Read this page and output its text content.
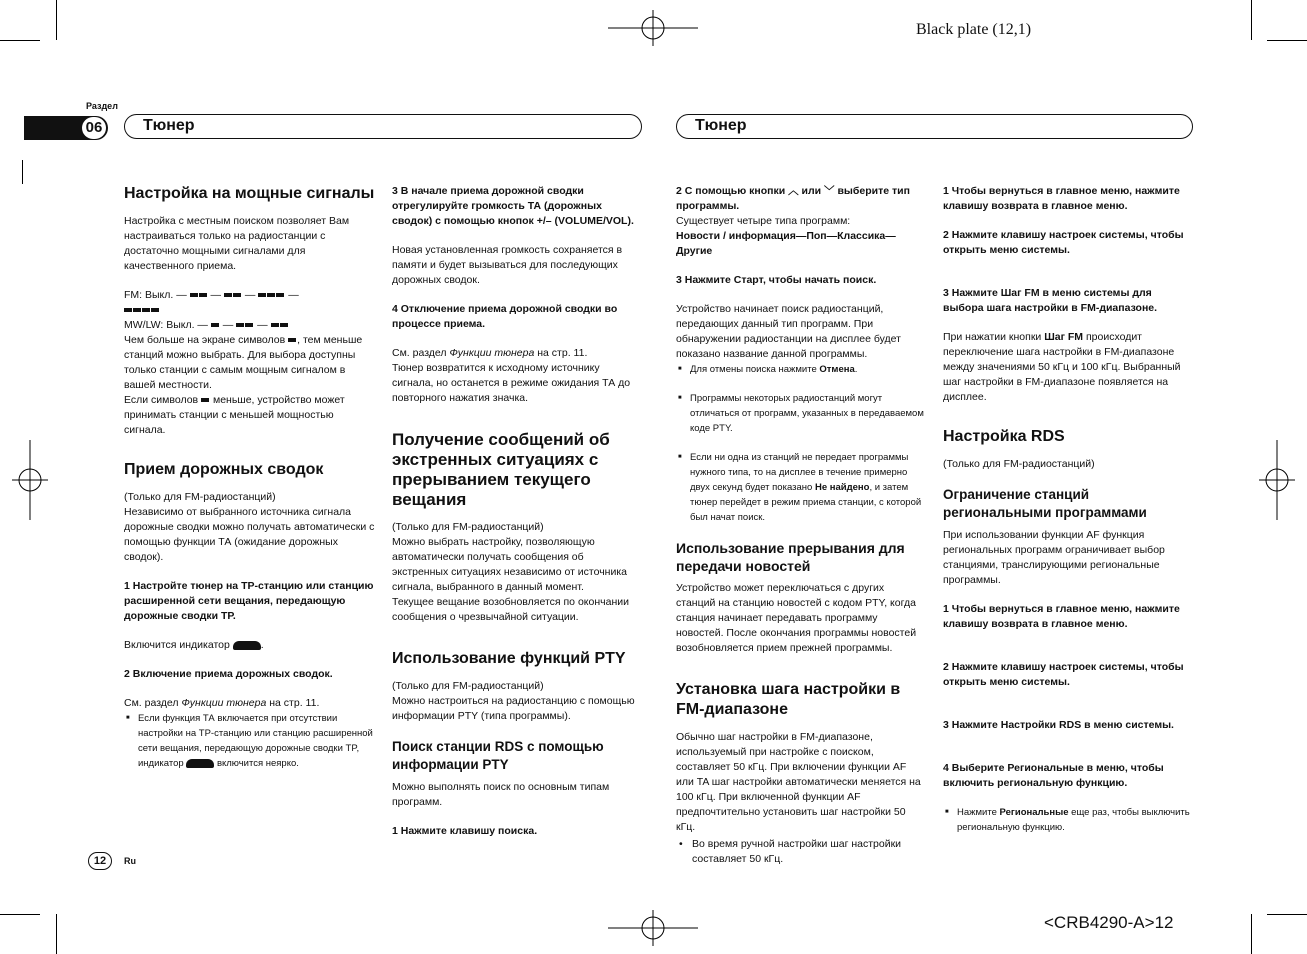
Black plate (12,1)
<CRB4290-A>12
Раздел
06	Тюнер	Тюнер
12	Ru
Настройка на мощные сигналы

Настройка с местным поиском позволяет Вам настраиваться только на радиостанции с достаточно мощными сигналами для качественного приема.

FM: Выкл. —  —  —	—

MW/LW: Выкл. —  —  —

Чем больше на экране символов , тем меньше станций можно выбрать. Для выбора доступны только станции с самым мощным сигналом в вашей местности.

Если символов меньше, устройство может принимать станции с меньшей мощностью сигнала.

Прием дорожных сводок

(Только для FM-радиостанций)

Независимо от выбранного источника сигнала дорожные сводки можно получать автоматически с помощью функции ТА (ожидание дорожных сводок).

1 Настройте тюнер на TP-станцию или станцию расширенной сети вещания, передающую дорожные сводки ТР.

Включится индикатор	.

2 Включение приема дорожных сводок.

См. раздел Функции тюнера на стр. 11.

■ Если функция ТА включается при отсутствии настройки на TP-станцию или станцию расширенной сети вещания, передающую дорожные сводки TP, индикатор	включится неярко.

3 В начале приема дорожной сводки отрегулируйте громкость ТА (дорожных сводок) с помощью кнопок +/– (VOLUME/VOL).

Новая установленная громкость сохраняется в памяти и будет вызываться для последующих дорожных сводок.

4 Отключение приема дорожной сводки во процессе приема.

См. раздел Функции тюнера на стр. 11.

Тюнер возвратится к исходному источнику сигнала, но останется в режиме ожидания ТА до повторного нажатия значка.

Получение сообщений об экстренных ситуациях с прерыванием текущего вещания

(Только для FM-радиостанций)

Можно выбрать настройку, позволяющую автоматически получать сообщения об экстренных ситуациях независимо от источника сигнала, выбранного в данный момент.

Текущее вещание возобновляется по окончании сообщения о чрезвычайной ситуации.

Использование функций PTY

(Только для FM-радиостанций)

Можно настроиться на радиостанцию с помощью информации PTY (типа программы).

Поиск станции RDS с помощью информации PTY

Можно выполнять поиск по основным типам программ.

1 Нажмите клавишу поиска.

2 С помощью кнопки ︿ или ﹀ выберите тип программы.

Существует четыре типа программ:

Новости / информация—Поп—Классика—Другие

3 Нажмите Старт, чтобы начать поиск.

Устройство начинает поиск радиостанций, передающих данный тип программ. При обнаружении радиостанции на дисплее будет показано название данной программы.

■ Для отмены поиска нажмите Отмена.

■ Программы некоторых радиостанций могут отличаться от программ, указанных в передаваемом коде PTY.

■ Если ни одна из станций не передает программы нужного типа, то на дисплее в течение примерно двух секунд будет показано Не найдено, и затем тюнер перейдет в режим приема станции, с которой был начат поиск.

Использование прерывания для передачи новостей

Устройство может переключаться с других станций на станцию новостей с кодом PTY, когда станция начинает передавать программу новостей. После окончания программы новостей возобновляется прием прежней программы.

Установка шага настройки в FM-диапазоне

Обычно шаг настройки в FM-диапазоне, используемый при настройке с поиском, составляет 50 кГц. При включении функции AF или TA шаг настройки автоматически меняется на 100 кГц. При включенной функции AF предпочтительно установить шаг настройки 50 кГц.

• Во время ручной настройки шаг настройки составляет 50 кГц.

1 Чтобы вернуться в главное меню, нажмите клавишу возврата в главное меню.

2 Нажмите клавишу настроек системы, чтобы открыть меню системы.

3 Нажмите Шаг FM в меню системы для выбора шага настройки в FM-диапазоне.

При нажатии кнопки Шаг FM происходит переключение шага настройки в FM-диапазоне между значениями 50 кГц и 100 кГц. Выбранный шаг настройки в FM-диапазоне появляется на дисплее.

Настройка RDS

(Только для FM-радиостанций)

Ограничение станций региональными программами

При использовании функции AF функция региональных программ ограничивает выбор станциями, транслирующими региональные программы.

1 Чтобы вернуться в главное меню, нажмите клавишу возврата в главное меню.

2 Нажмите клавишу настроек системы, чтобы открыть меню системы.

3 Нажмите Настройки RDS в меню системы.

4 Выберите Региональные в меню, чтобы включить региональную функцию.

■ Нажмите Региональные еще раз, чтобы выключить региональную функцию.
